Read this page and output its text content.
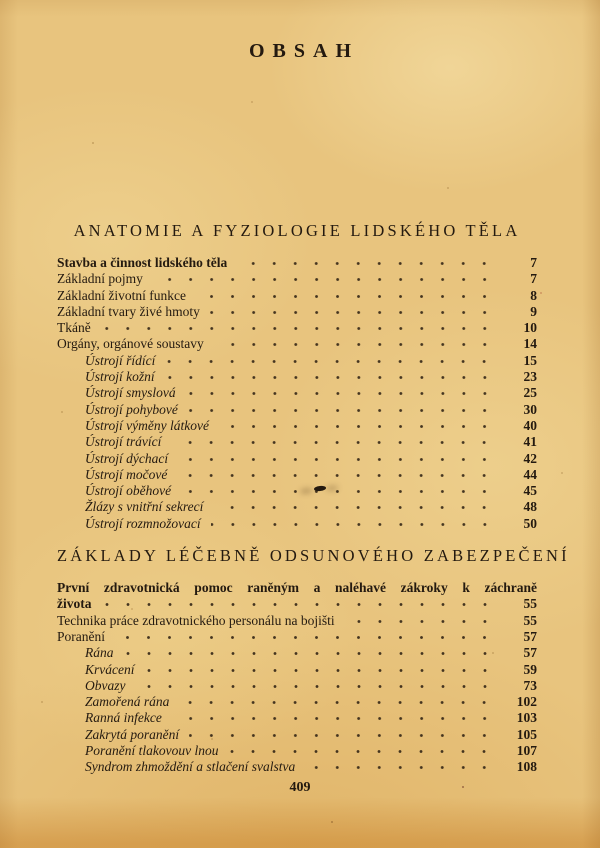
OBSAH
ANATOMIE A FYZIOLOGIE LIDSKÉHO TĚLA
Stavba a činnost lidského těla	7
Základní pojmy	7
Základní životní funkce	8
Základní tvary živé hmoty	9
Tkáně	10
Orgány, orgánové soustavy	14
Ústrojí řídící	15
Ústrojí kožní	23
Ústrojí smyslová	25
Ústrojí pohybové	30
Ústrojí výměny látkové	40
Ústrojí trávící	41
Ústrojí dýchací	42
Ústrojí močové	44
Ústrojí oběhové	45
Žlázy s vnitřní sekrecí	48
Ústrojí rozmnožovací	50
ZÁKLADY LÉČEBNĚ ODSUNOVÉHO ZABEZPEČENÍ
První zdravotnická pomoc raněným a naléhavé zákroky k záchraně
života	55
Technika práce zdravotnického personálu na bojišti	55
Poranění	57
Rána	57
Krvácení	59
Obvazy	73
Zamořená rána	102
Ranná infekce	103
Zakrytá poranění	105
Poranění tlakovouv lnou	107
Syndrom zhmoždění a stlačení svalstva	108
409
